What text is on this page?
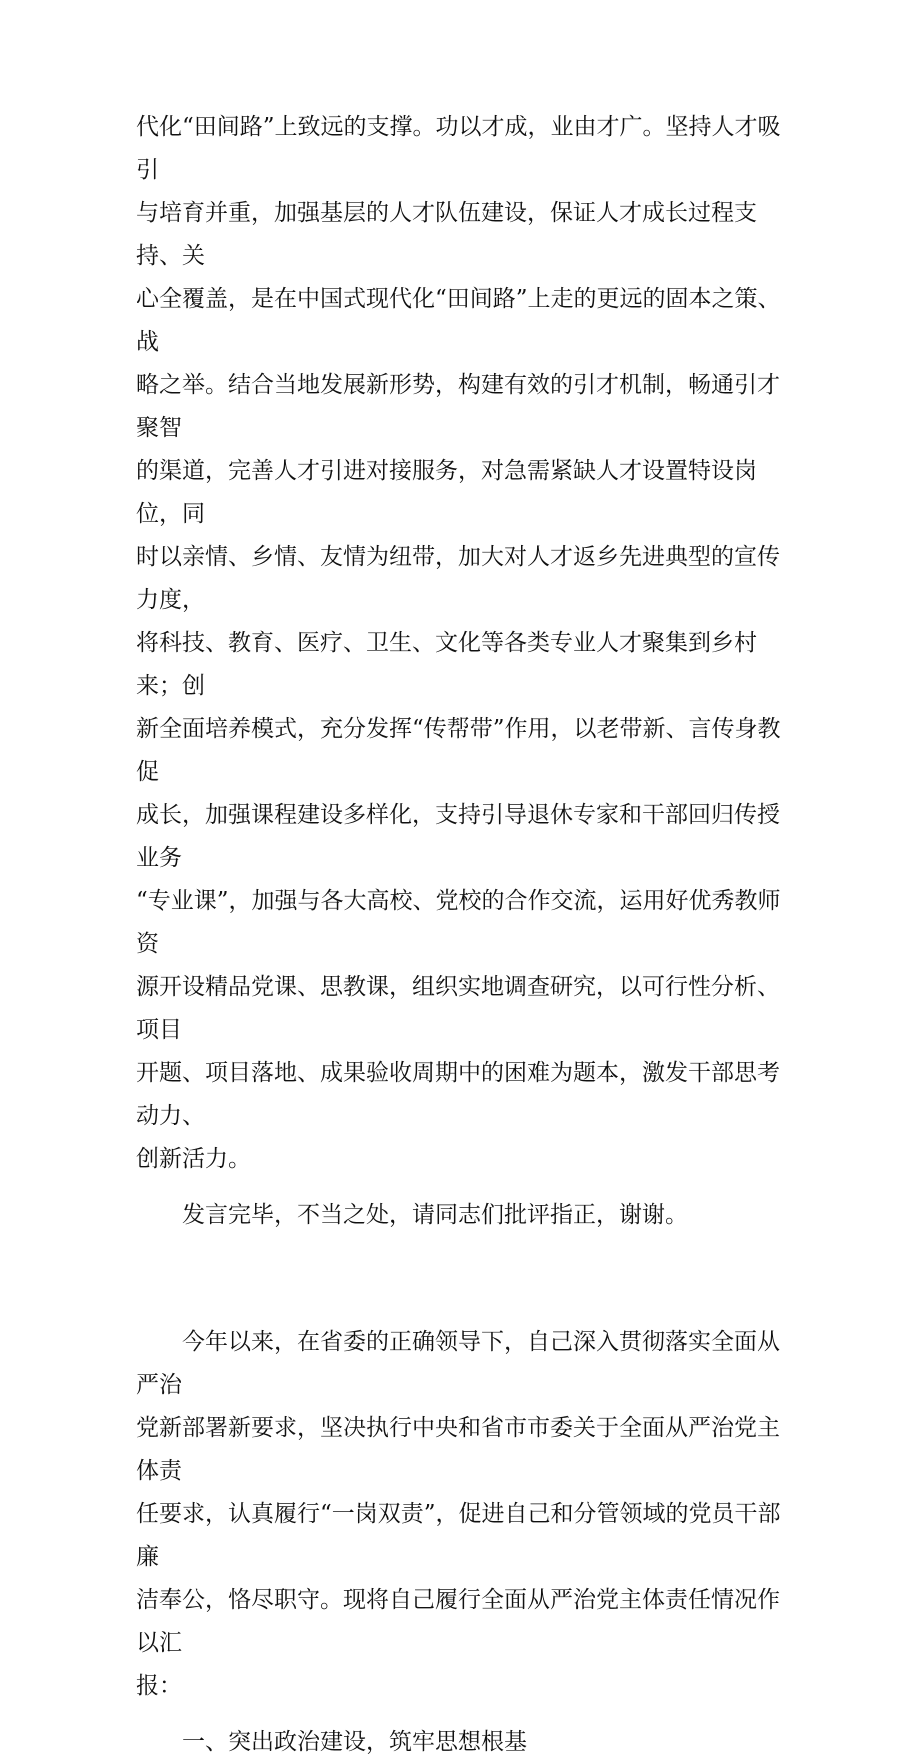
代化“田间路”上致远的支撑。功以才成，业由才广。坚持人才吸引
与培育并重，加强基层的人才队伍建设，保证人才成长过程支持、关
心全覆盖，是在中国式现代化“田间路”上走的更远的固本之策、战
略之举。结合当地发展新形势，构建有效的引才机制，畅通引才聚智
的渠道，完善人才引进对接服务，对急需紧缺人才设置特设岗位，同
时以亲情、乡情、友情为纽带，加大对人才返乡先进典型的宣传力度，
将科技、教育、医疗、卫生、文化等各类专业人才聚集到乡村来；创
新全面培养模式，充分发挥“传帮带”作用，以老带新、言传身教促
成长，加强课程建设多样化，支持引导退休专家和干部回归传授业务
“专业课”，加强与各大高校、党校的合作交流，运用好优秀教师资
源开设精品党课、思教课，组织实地调查研究，以可行性分析、项目
开题、项目落地、成果验收周期中的困难为题本，激发干部思考动力、
创新活力。

　　发言完毕，不当之处，请同志们批评指正，谢谢。

　　今年以来，在省委的正确领导下，自己深入贯彻落实全面从严治
党新部署新要求，坚决执行中央和省市市委关于全面从严治党主体责
任要求，认真履行“一岗双责”，促进自己和分管领域的党员干部廉
洁奉公，恪尽职守。现将自己履行全面从严治党主体责任情况作以汇
报：

　　一、突出政治建设，筑牢思想根基
